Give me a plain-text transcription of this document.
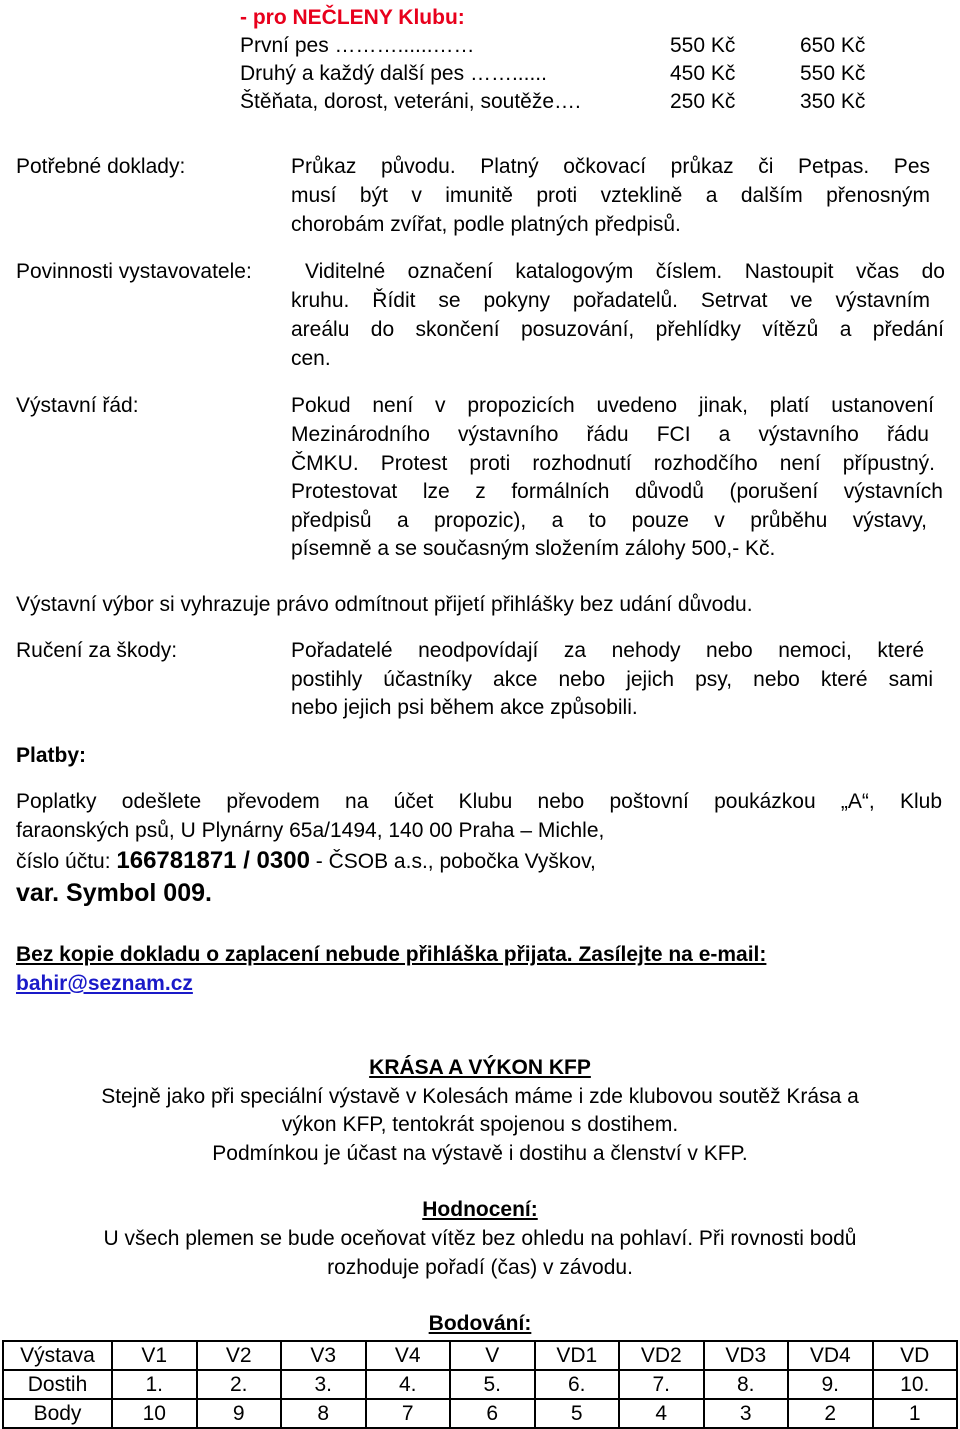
- pro NEČLENY Klubu:
První pes ………......……	550 Kč	650 Kč
Druhý a každý další pes ……......	450 Kč	550 Kč
Štěňata, dorost, veteráni, soutěže….	250 Kč	350 Kč
Potřebné doklady:	Průkaz původu. Platný očkovací průkaz či Petpas. Pes
musí být v imunitě proti vzteklině a dalším přenosným
chorobám zvířat, podle platných předpisů.
Povinnosti vystavovatele:	Viditelné označení katalogovým číslem. Nastoupit včas do
kruhu. Řídit se pokyny pořadatelů. Setrvat ve výstavním
areálu do skončení posuzování, přehlídky vítězů a předání
cen.
Výstavní řád:	Pokud není v propozicích uvedeno jinak, platí ustanovení
Mezinárodního výstavního řádu FCI a výstavního řádu
ČMKU. Protest proti rozhodnutí rozhodčího není přípustný.
Protestovat lze z formálních důvodů (porušení výstavních
předpisů a propozic), a to pouze v průběhu výstavy,
písemně a se současným složením zálohy 500,- Kč.
Výstavní výbor si vyhrazuje právo odmítnout přijetí přihlášky bez udání důvodu.
Ručení za škody:	Pořadatelé neodpovídají za nehody nebo nemoci, které
postihly účastníky akce nebo jejich psy, nebo které sami
nebo jejich psi během akce způsobili.
Platby:
Poplatky odešlete převodem na účet Klubu nebo poštovní poukázkou „A“, Klub
faraonských psů, U Plynárny 65a/1494, 140 00 Praha – Michle,
číslo účtu: 166781871 / 0300 - ČSOB a.s., pobočka Vyškov,
var. Symbol 009.
Bez kopie dokladu o zaplacení nebude přihláška přijata. Zasílejte na e-mail:
bahir@seznam.cz
KRÁSA A VÝKON KFP
Stejně jako při speciální výstavě v Kolesách máme i zde klubovou soutěž Krása a
výkon KFP, tentokrát spojenou s dostihem.
Podmínkou je účast na výstavě i dostihu a členství v KFP.
Hodnocení:
U všech plemen se bude oceňovat vítěz bez ohledu na pohlaví. Při rovnosti bodů
rozhoduje pořadí (čas) v závodu.
Bodování:
Výstava	V1	V2	V3	V4	V	VD1	VD2	VD3	VD4	VD
Dostih	1.	2.	3.	4.	5.	6.	7.	8.	9.	10.
Body	10	9	8	7	6	5	4	3	2	1
